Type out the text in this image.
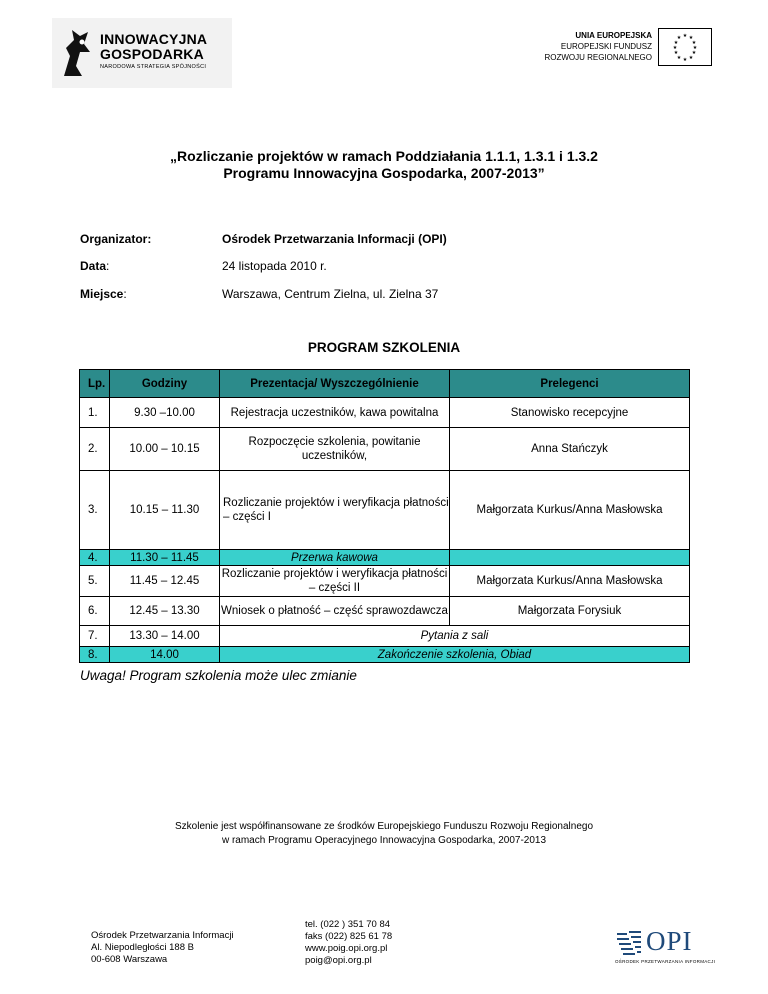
INNOWACYJNA
GOSPODARKA
NARODOWA STRATEGIA SPÓJNOŚCI
UNIA EUROPEJSKA
EUROPEJSKI FUNDUSZ
ROZWOJU REGIONALNEGO
★ ★
★
★
★
★
★
★
★
★
★
★
„Rozliczanie projektów w ramach Poddziałania 1.1.1, 1.3.1 i 1.3.2
Programu Innowacyjna Gospodarka, 2007-2013”
Organizator:	Ośrodek Przetwarzania Informacji (OPI)
Data:	24 listopada 2010 r.
Miejsce:	Warszawa, Centrum Zielna, ul. Zielna 37
PROGRAM SZKOLENIA
Lp.	Godziny	Prezentacja/ Wyszczególnienie	Prelegenci
1.	9.30 –10.00	Rejestracja uczestników, kawa powitalna	Stanowisko recepcyjne
2.	10.00 – 10.15	Rozpoczęcie szkolenia, powitanie uczestników,	Anna Stańczyk
3.	10.15 – 11.30	Rozliczanie projektów i weryfikacja płatności – części I	Małgorzata Kurkus/Anna Masłowska
4.	11.30 – 11.45	Przerwa kawowa	
5.	11.45 – 12.45	Rozliczanie projektów i weryfikacja płatności – części II	Małgorzata Kurkus/Anna Masłowska
6.	12.45 – 13.30	Wniosek o płatność – część sprawozdawcza	Małgorzata Forysiuk
7.	13.30 – 14.00	Pytania z sali	
8.	14.00	Zakończenie szkolenia, Obiad	
Uwaga! Program szkolenia może ulec zmianie
Szkolenie jest współfinansowane ze środków Europejskiego Funduszu Rozwoju Regionalnego
w ramach Programu Operacyjnego Innowacyjna Gospodarka, 2007-2013
Ośrodek Przetwarzania Informacji
Al. Niepodległości 188 B
00-608 Warszawa
tel. (022 ) 351 70 84
faks (022) 825 61 78
www.poig.opi.org.pl
poig@opi.org.pl
OPI
OŚRODEK PRZETWARZANIA INFORMACJI
